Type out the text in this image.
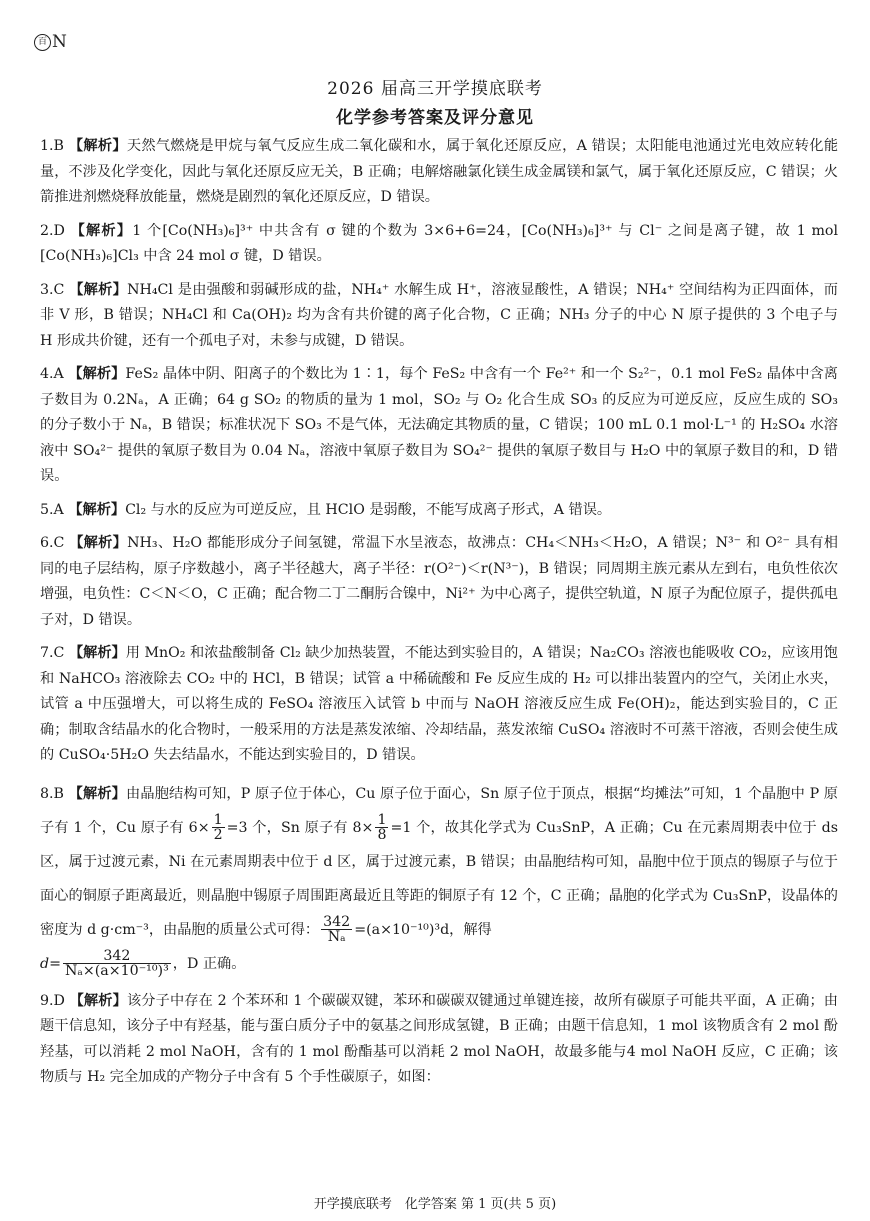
百 N
2026 届高三开学摸底联考
化学参考答案及评分意见

1.B 【解析】天然气燃烧是甲烷与氧气反应生成二氧化碳和水，属于氧化还原反应，A 错误；太阳能电池通过光电效应转化能量，不涉及化学变化，因此与氧化还原反应无关，B 正确；电解熔融氯化镁生成金属镁和氯气，属于氧化还原反应，C 错误；火箭推进剂燃烧释放能量，燃烧是剧烈的氧化还原反应，D 错误。

2.D 【解析】1 个[Co(NH₃)₆]³⁺ 中共含有 σ 键的个数为 3×6+6=24，[Co(NH₃)₆]³⁺ 与 Cl⁻ 之间是离子键，故 1 mol [Co(NH₃)₆]Cl₃ 中含 24 mol σ 键，D 错误。

3.C 【解析】NH₄Cl 是由强酸和弱碱形成的盐，NH₄⁺ 水解生成 H⁺，溶液显酸性，A 错误；NH₄⁺ 空间结构为正四面体，而非 V 形，B 错误；NH₄Cl 和 Ca(OH)₂ 均为含有共价键的离子化合物，C 正确；NH₃ 分子的中心 N 原子提供的 3 个电子与 H 形成共价键，还有一个孤电子对，未参与成键，D 错误。

4.A 【解析】FeS₂ 晶体中阴、阳离子的个数比为 1∶1，每个 FeS₂ 中含有一个 Fe²⁺ 和一个 S₂²⁻，0.1 mol FeS₂ 晶体中含离子数目为 0.2Nₐ，A 正确；64 g SO₂ 的物质的量为 1 mol，SO₂ 与 O₂ 化合生成 SO₃ 的反应为可逆反应，反应生成的 SO₃ 的分子数小于 Nₐ，B 错误；标准状况下 SO₃ 不是气体，无法确定其物质的量，C 错误；100 mL 0.1 mol·L⁻¹ 的 H₂SO₄ 水溶液中 SO₄²⁻ 提供的氧原子数目为 0.04 Nₐ，溶液中氧原子数目为 SO₄²⁻ 提供的氧原子数目与 H₂O 中的氧原子数目的和，D 错误。

5.A 【解析】Cl₂ 与水的反应为可逆反应，且 HClO 是弱酸，不能写成离子形式，A 错误。

6.C 【解析】NH₃、H₂O 都能形成分子间氢键，常温下水呈液态，故沸点：CH₄＜NH₃＜H₂O，A 错误；N³⁻ 和 O²⁻ 具有相同的电子层结构，原子序数越小，离子半径越大，离子半径：r(O²⁻)＜r(N³⁻)，B 错误；同周期主族元素从左到右，电负性依次增强，电负性：C＜N＜O，C 正确；配合物二丁二酮肟合镍中，Ni²⁺ 为中心离子，提供空轨道，N 原子为配位原子，提供孤电子对，D 错误。

7.C 【解析】用 MnO₂ 和浓盐酸制备 Cl₂ 缺少加热装置，不能达到实验目的，A 错误；Na₂CO₃ 溶液也能吸收 CO₂，应该用饱和 NaHCO₃ 溶液除去 CO₂ 中的 HCl，B 错误；试管 a 中稀硫酸和 Fe 反应生成的 H₂ 可以排出装置内的空气，关闭止水夹，试管 a 中压强增大，可以将生成的 FeSO₄ 溶液压入试管 b 中而与 NaOH 溶液反应生成 Fe(OH)₂，能达到实验目的，C 正确；制取含结晶水的化合物时，一般采用的方法是蒸发浓缩、冷却结晶，蒸发浓缩 CuSO₄ 溶液时不可蒸干溶液，否则会使生成的 CuSO₄·5H₂O 失去结晶水，不能达到实验目的，D 错误。

8.B 【解析】由晶胞结构可知，P 原子位于体心，Cu 原子位于面心，Sn 原子位于顶点，根据“均摊法”可知，1 个晶胞中 P 原子有 1 个，Cu 原子有 $6\times \frac{1}{2} =3$ 个，Sn 原子有 $8\times \frac{1}{8} =1$ 个，故其化学式为 Cu₃SnP，A 正确；Cu 在元素周期表中位于 ds 区，属于过渡元素，Ni 在元素周期表中位于 d 区，属于过渡元素，B 错误；由晶胞结构可知，晶胞中位于顶点的锡原子与位于面心的铜原子距离最近，则晶胞中锡原子周围距离最近且等距的铜原子有 12 个，C 正确；晶胞的化学式为 Cu₃SnP，设晶体的密度为 d g·cm⁻³，由晶胞的质量公式可得： $\frac{342}{\text{Nₐ}} =(a\times 10^{-10})^3d$，解得
$d= \frac{342}{\text{Nₐ×(a×10⁻¹⁰)³}}$ ，D 正确。

9.D 【解析】该分子中存在 2 个苯环和 1 个碳碳双键，苯环和碳碳双键通过单键连接，故所有碳原子可能共平面，A 正确；由题干信息知，该分子中有羟基，能与蛋白质分子中的氨基之间形成氢键，B 正确；由题干信息知，1 mol 该物质含有 2 mol 酚羟基，可以消耗 2 mol NaOH，含有的 1 mol 酚酯基可以消耗 2 mol NaOH，故最多能与4 mol NaOH 反应，C 正确；该物质与 H₂ 完全加成的产物分子中含有 5 个手性碳原子，如图：

开学摸底联考　化学答案 第 1 页(共 5 页)
